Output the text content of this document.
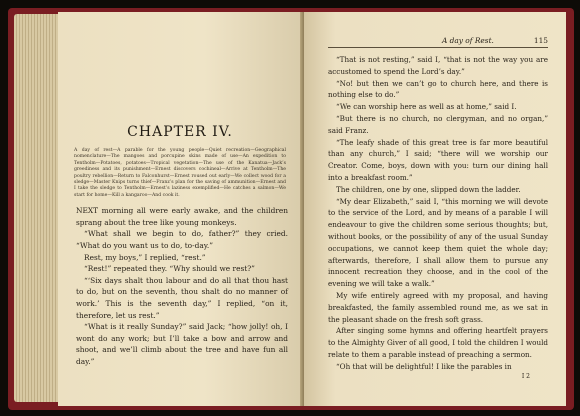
CHAPTER IV.
A day of rest—A parable for the young people—Quiet recreation—Geographical nomenclature—The mangoes and porcupine skins made of use—An expedition to Tentholm—Potatoes, potatoes—Tropical vegetation—The use of the Kanatua—Jack’s greediness and its punishment—Ernest discovers cochineal—Arrive at Tentholm—The poultry rebellion—Return to Falconhurst—Ernest roused out early—We collect wood for a sledge—Master Knips turns thief—Franz’s plan for the saving of ammunition—Ernest and I take the sledge to Tentholm—Ernest’s laziness exemplified—He catches a salmon—We start for home—Kill a kangaroo—And cook it.

NEXT morning all were early awake, and the children sprang about the tree like young monkeys.

“What shall we begin to do, father?” they cried. “What do you want us to do, to-day.”

Rest, my boys,” I replied, “rest.”

“Rest!” repeated they. “Why should we rest?”

“‘Six days shalt thou labour and do all that thou hast to do, but on the seventh, thou shalt do no manner of work.’ This is the seventh day,” I replied, “on it, therefore, let us rest.”

“What is it really Sunday?” said Jack; “how jolly! oh, I wont do any work; but I’ll take a bow and arrow and shoot, and we’ll climb about the tree and have fun all day.”

A day of Rest.	115

“That is not resting,” said I, “that is not the way you are accustomed to spend the Lord’s day.”

“No! but then we can’t go to church here, and there is nothing else to do.”

“We can worship here as well as at home,” said I.

“But there is no church, no clergyman, and no organ,” said Franz.

“The leafy shade of this great tree is far more beautiful than any church,” I said; “there will we worship our Creator. Come, boys, down with you: turn our dining hall into a breakfast room.”

The children, one by one, slipped down the ladder.

“My dear Elizabeth,” said I, “this morning we will devote to the service of the Lord, and by means of a parable I will endeavour to give the children some serious thoughts; but, without books, or the possibility of any of the usual Sunday occupations, we cannot keep them quiet the whole day; afterwards, therefore, I shall allow them to pursue any innocent recreation they choose, and in the cool of the evening we will take a walk.”

My wife entirely agreed with my proposal, and having breakfasted, the family assembled round me, as we sat in the pleasant shade on the fresh soft grass.

After singing some hymns and offering heartfelt prayers to the Almighty Giver of all good, I told the children I would relate to them a parable instead of preaching a sermon.

“Oh that will be delightful! I like the parables in

I 2
